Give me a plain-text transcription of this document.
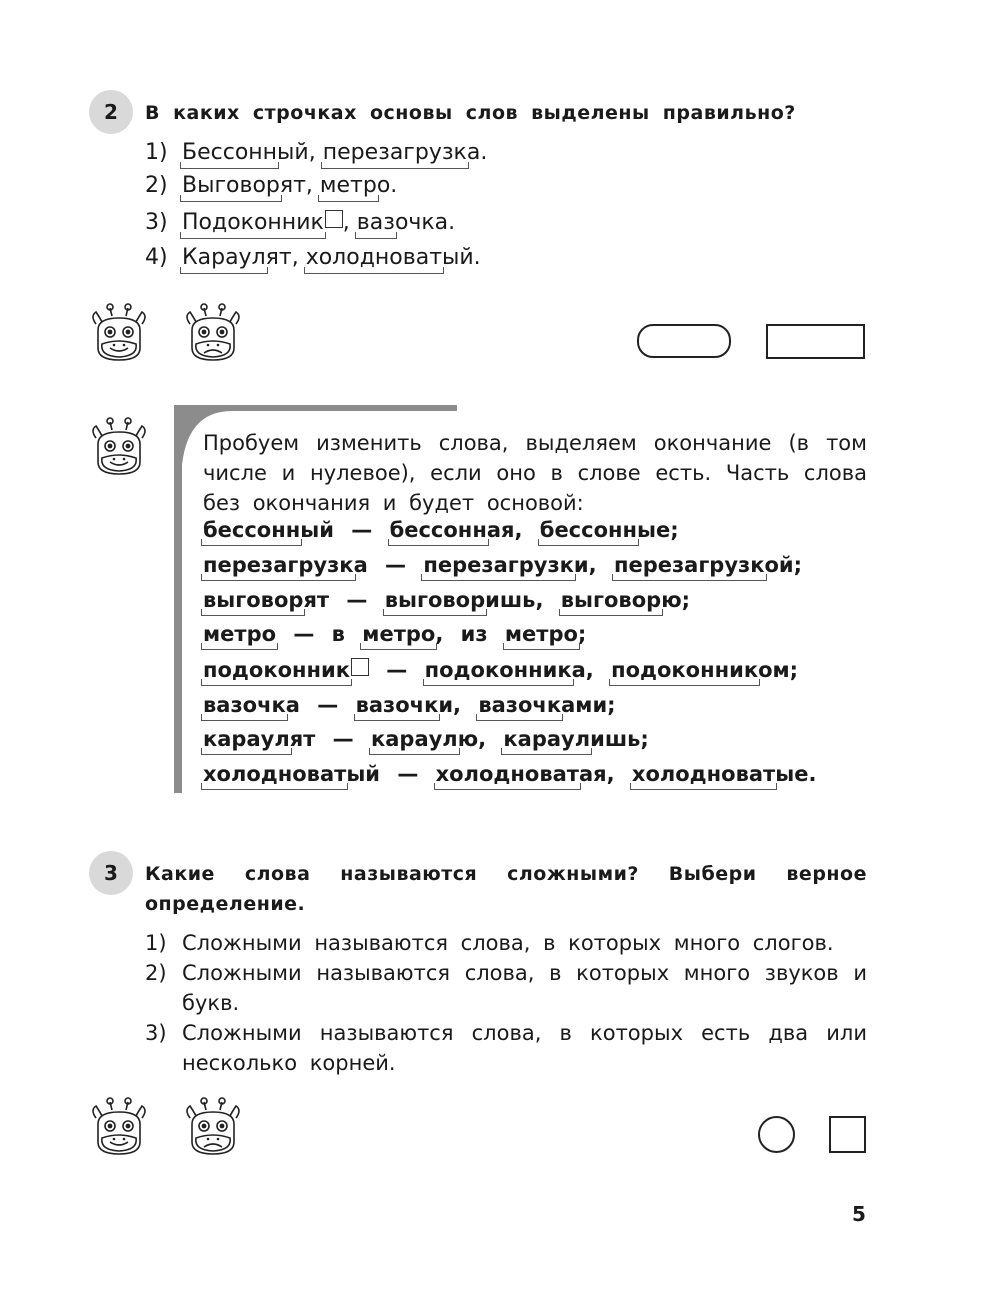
2	В каких строчках основы слов выделены правильно?
1) Бессонный, перезагрузка.
2) Выговорят, метро.
3) Подоконник , вазочка.
4) Караулят, холодноватый.
Пробуем изменить слова, выделяем окончание (в том числе и нулевое), если оно в слове есть. Часть слова без окончания и будет основой:
бессонный — бессонная, бессонные;
перезагрузка — перезагрузки, перезагрузкой;
выговорят — выговоришь, выговорю;
метро — в метро, из метро;
подоконник — подоконника, подоконником;
вазочка — вазочки, вазочками;
караулят — караулю, караулишь;
холодноватый — холодноватая, холодноватые.
3	Какие слова называются сложными? Выбери верное определение.
1) Сложными называются слова, в которых много слогов.
2) Сложными называются слова, в которых много звуков и букв.
3) Сложными называются слова, в которых есть два или несколько корней.
5
